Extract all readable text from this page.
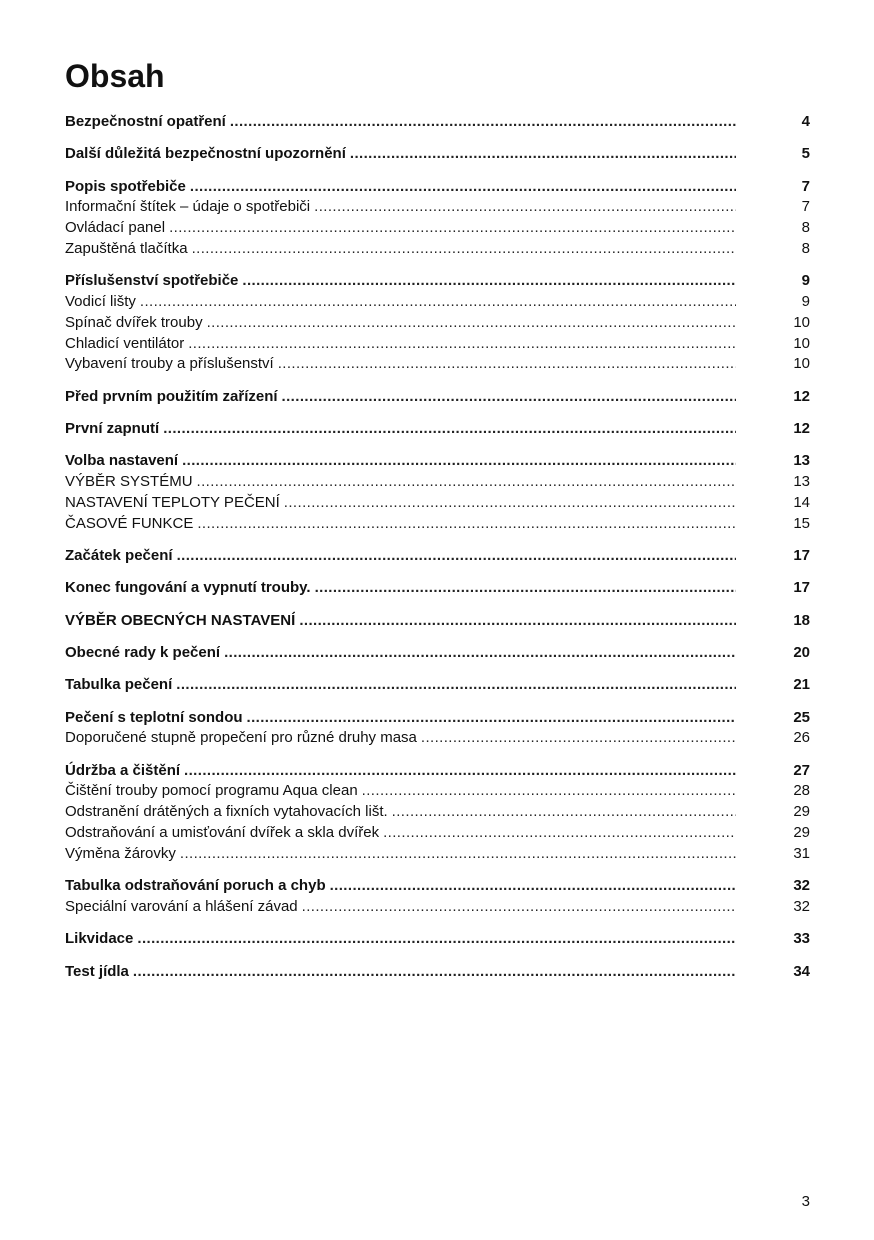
Obsah
Bezpečnostní opatření .....	4
Další důležitá bezpečnostní upozornění .....	5
Popis spotřebiče .....	7
Informační štítek – údaje o spotřebiči .....	7
Ovládací panel .....	8
Zapuštěná tlačítka .....	8
Příslušenství spotřebiče .....	9
Vodicí lišty .....	9
Spínač dvířek trouby .....	10
Chladicí ventilátor .....	10
Vybavení trouby a příslušenství .....	10
Před prvním použitím zařízení .....	12
První zapnutí .....	12
Volba nastavení .....	13
VÝBĚR SYSTÉMU .....	13
NASTAVENÍ TEPLOTY PEČENÍ .....	14
ČASOVÉ FUNKCE .....	15
Začátek pečení .....	17
Konec fungování a vypnutí trouby. .....	17
VÝBĚR OBECNÝCH NASTAVENÍ .....	18
Obecné rady k pečení .....	20
Tabulka pečení .....	21
Pečení s teplotní sondou .....	25
Doporučené stupně propečení pro různé druhy masa .....	26
Údržba a čištění .....	27
Čištění trouby pomocí programu Aqua clean .....	28
Odstranění drátěných a fixních vytahovacích lišt. .....	29
Odstraňování a umisťování dvířek a skla dvířek .....	29
Výměna žárovky .....	31
Tabulka odstraňování poruch a chyb .....	32
Speciální varování a hlášení závad .....	32
Likvidace .....	33
Test jídla .....	34
3
